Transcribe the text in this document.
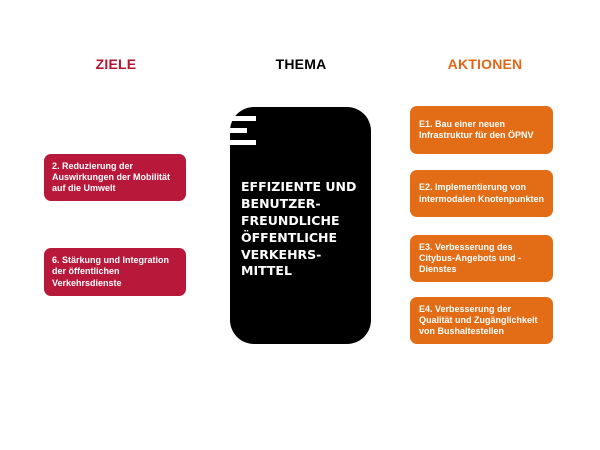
ZIELE	THEMA	AKTIONEN
2. Reduzierung der Auswirkungen der Mobilität auf die Umwelt
6. Stärkung und Integration der öffentlichen Verkehrsdienste
EFFIZIENTE UND
BENUTZER-
FREUNDLICHE
ÖFFENTLICHE
VERKEHRS-
MITTEL
E1. Bau einer neuen Infrastruktur für den ÖPNV
E2. Implementierung von intermodalen Knotenpunkten
E3. Verbesserung des Citybus-Angebots und -Dienstes
E4. Verbesserung der Qualität und Zugänglichkeit von Bushaltestellen
